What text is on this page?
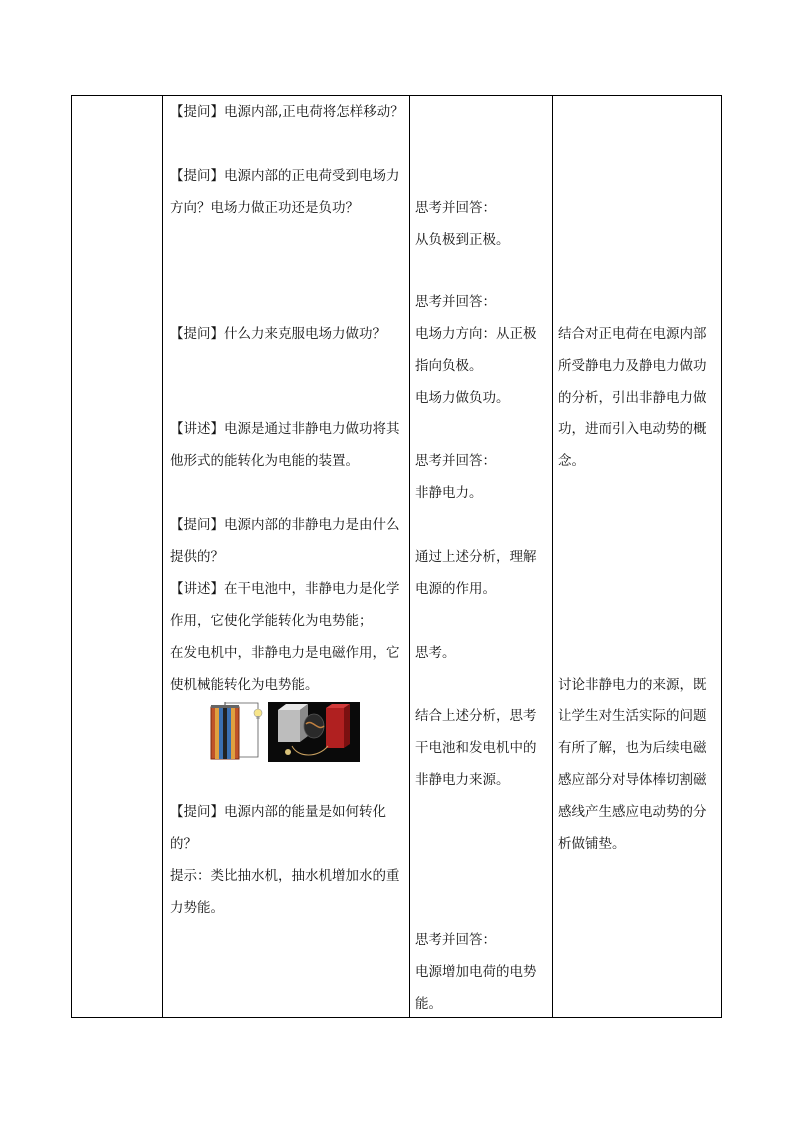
【提问】电源内部,正电荷将怎样移动？
【提问】电源内部的正电荷受到电场力
方向？电场力做正功还是负功？
【提问】什么力来克服电场力做功？
【讲述】电源是通过非静电力做功将其
他形式的能转化为电能的装置。
【提问】电源内部的非静电力是由什么
提供的？
【讲述】在干电池中，非静电力是化学
作用，它使化学能转化为电势能；
在发电机中，非静电力是电磁作用，它
使机械能转化为电势能。
【提问】电源内部的能量是如何转化
的？
提示：类比抽水机，抽水机增加水的重
力势能。
思考并回答：
从负极到正极。
思考并回答：
电场力方向：从正极
指向负极。
电场力做负功。
思考并回答：
非静电力。
通过上述分析，理解
电源的作用。
思考。
结合上述分析，思考
干电池和发电机中的
非静电力来源。
思考并回答：
电源增加电荷的电势
能。
结合对正电荷在电源内部
所受静电力及静电力做功
的分析，引出非静电力做
功，进而引入电动势的概
念。
讨论非静电力的来源，既
让学生对生活实际的问题
有所了解，也为后续电磁
感应部分对导体棒切割磁
感线产生感应电动势的分
析做铺垫。
